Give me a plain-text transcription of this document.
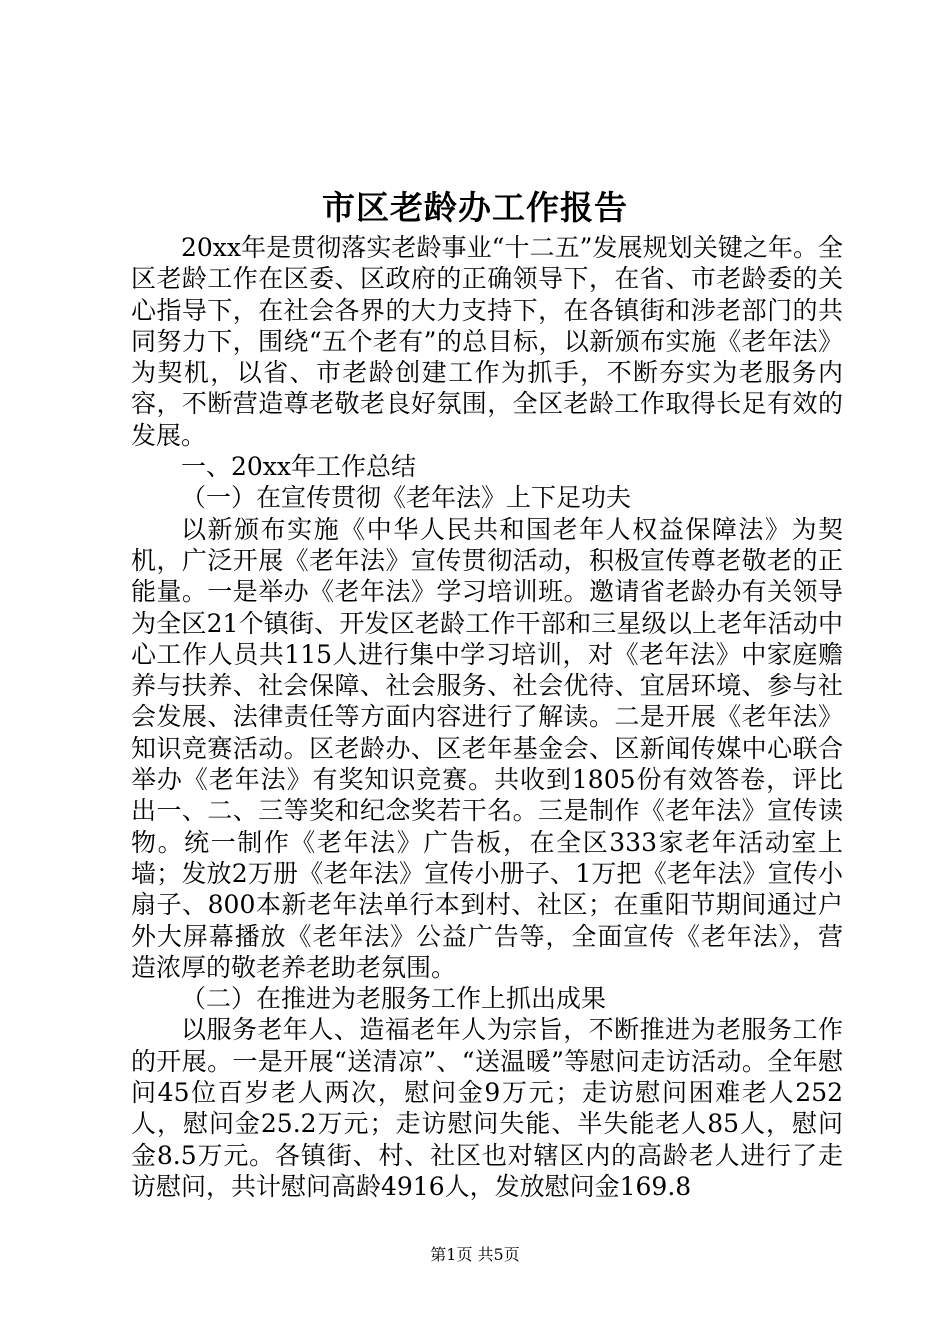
市区老龄办工作报告

20xx年是贯彻落实老龄事业“十二五”发展规划关键之年。全区老龄工作在区委、区政府的正确领导下，在省、市老龄委的关心指导下，在社会各界的大力支持下，在各镇街和涉老部门的共同努力下，围绕“五个老有”的总目标，以新颁布实施《老年法》为契机，以省、市老龄创建工作为抓手，不断夯实为老服务内容，不断营造尊老敬老良好氛围，全区老龄工作取得长足有效的发展。

一、20xx年工作总结

（一）在宣传贯彻《老年法》上下足功夫

以新颁布实施《中华人民共和国老年人权益保障法》为契机，广泛开展《老年法》宣传贯彻活动，积极宣传尊老敬老的正能量。一是举办《老年法》学习培训班。邀请省老龄办有关领导为全区21个镇街、开发区老龄工作干部和三星级以上老年活动中心工作人员共115人进行集中学习培训，对《老年法》中家庭赡养与扶养、社会保障、社会服务、社会优待、宜居环境、参与社会发展、法律责任等方面内容进行了解读。二是开展《老年法》知识竞赛活动。区老龄办、区老年基金会、区新闻传媒中心联合举办《老年法》有奖知识竞赛。共收到1805份有效答卷，评比出一、二、三等奖和纪念奖若干名。三是制作《老年法》宣传读物。统一制作《老年法》广告板，在全区333家老年活动室上墙；发放2万册《老年法》宣传小册子、1万把《老年法》宣传小扇子、800本新老年法单行本到村、社区；在重阳节期间通过户外大屏幕播放《老年法》公益广告等，全面宣传《老年法》，营造浓厚的敬老养老助老氛围。

（二）在推进为老服务工作上抓出成果

以服务老年人、造福老年人为宗旨，不断推进为老服务工作的开展。一是开展“送清凉”、“送温暖”等慰问走访活动。全年慰问45位百岁老人两次，慰问金9万元；走访慰问困难老人252人，慰问金25.2万元；走访慰问失能、半失能老人85人，慰问金8.5万元。各镇街、村、社区也对辖区内的高龄老人进行了走访慰问，共计慰问高龄4916人，发放慰问金169.8

第1页 共5页
